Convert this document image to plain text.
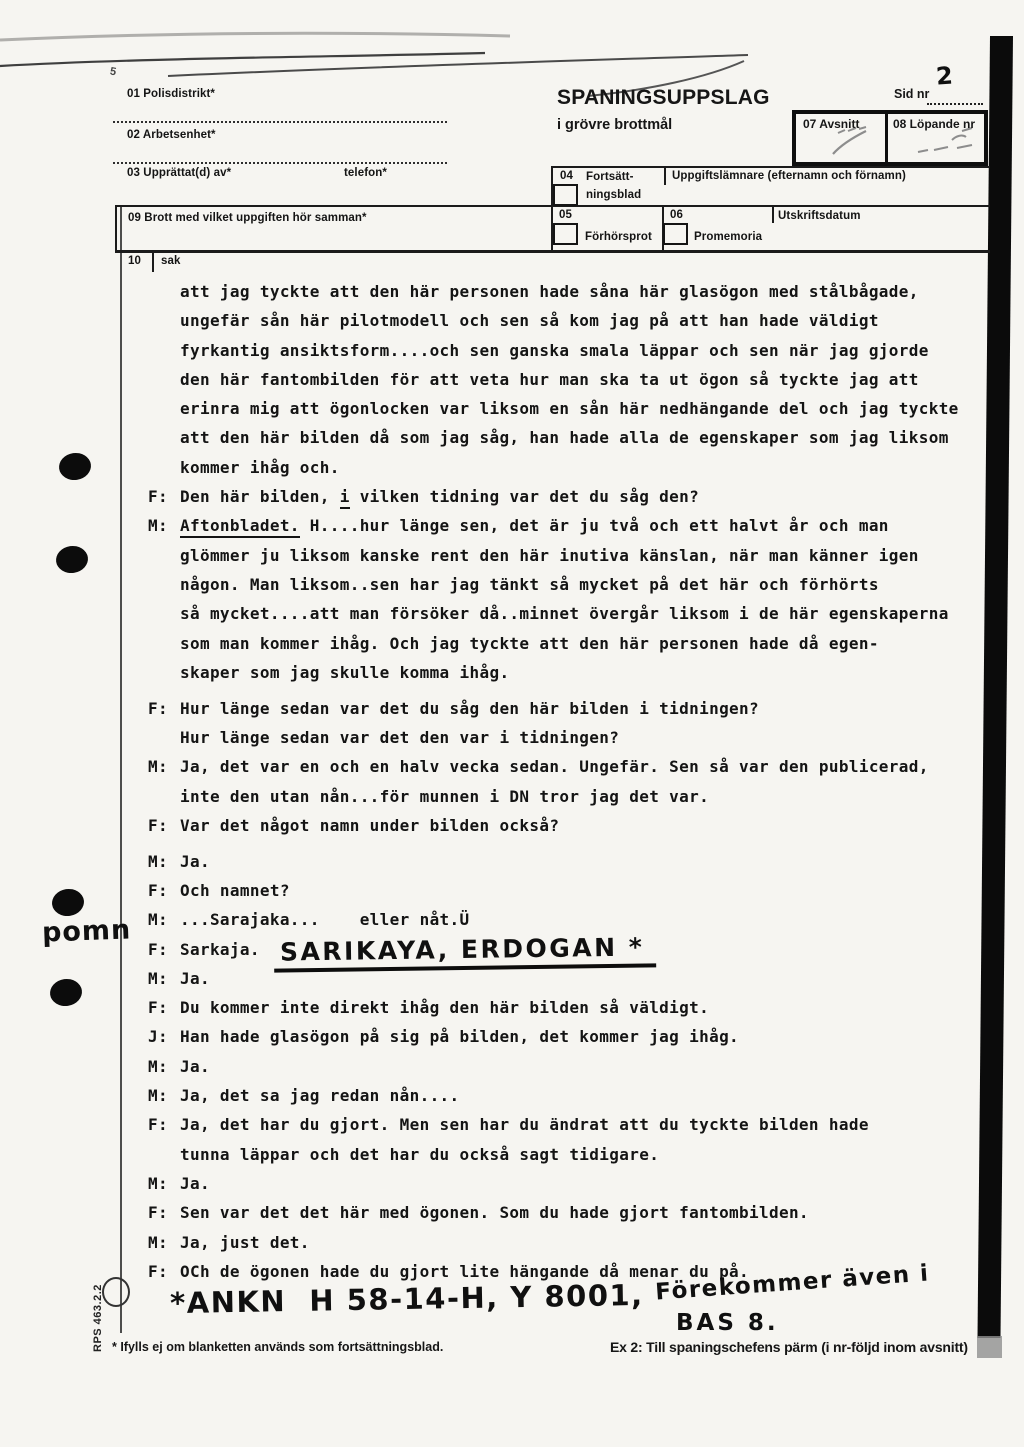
5
01 Polisdistrikt*
02 Arbetsenhet*
03 Upprättat(d) av*	telefon*
SPANINGSUPPSLAG
i grövre brottmål
Sid nr
2
07 Avsnitt	08 Löpande nr
04 Fortsätt-
ningsblad
Uppgiftslämnare (efternamn och förnamn)
09 Brott med vilket uppgiften hör samman*	05
Förhörsprot
06
Promemoria
Utskriftsdatum
10 sak
att jag tyckte att den här personen hade såna här glasögon med stålbågade,
ungefär sån här pilotmodell och sen så kom jag på att han hade väldigt
fyrkantig ansiktsform....och sen ganska smala läppar och sen när jag gjorde
den här fantombilden för att veta hur man ska ta ut ögon så tyckte jag att
erinra mig att ögonlocken var liksom en sån här nedhängande del och jag tyckte
att den här bilden då som jag såg, han hade alla de egenskaper som jag liksom
kommer ihåg och.
F: Den här bilden, i vilken tidning var det du såg den?
M: Aftonbladet. H....hur länge sen, det är ju två och ett halvt år och man
glömmer ju liksom kanske rent den här inutiva känslan, när man känner igen
någon. Man liksom..sen har jag tänkt så mycket på det här och förhörts
så mycket....att man försöker då..minnet övergår liksom i de här egenskaperna
som man kommer ihåg. Och jag tyckte att den här personen hade då egen-
skaper som jag skulle komma ihåg.
F: Hur länge sedan var det du såg den här bilden i tidningen?
Hur länge sedan var det den var i tidningen?
M: Ja, det var en och en halv vecka sedan. Ungefär. Sen så var den publicerad,
inte den utan nån...för munnen i DN tror jag det var.
F: Var det något namn under bilden också?
M: Ja.
F: Och namnet?
M: ...Sarajaka...    eller nåt.Ü
F: Sarkaja. SARIKAYA, ERDOGAN *
M: Ja.
F: Du kommer inte direkt ihåg den här bilden så väldigt.
J: Han hade glasögon på sig på bilden, det kommer jag ihåg.
M: Ja.
M: Ja, det sa jag redan nån....
F: Ja, det har du gjort. Men sen har du ändrat att du tyckte bilden hade
tunna läppar och det har du också sagt tidigare.
M: Ja.
F: Sen var det det här med ögonen. Som du hade gjort fantombilden.
M: Ja, just det.
F: OCh de ögonen hade du gjort lite hängande då menar du på.
pomn
*ANKN  H 58-14-H, Y 8001, Förekommer även i
BAS 8.
RPS 463.2.2 * Ifylls ej om blanketten används som fortsättningsblad.	Ex 2: Till spaningschefens pärm (i nr-följd inom avsnitt)
